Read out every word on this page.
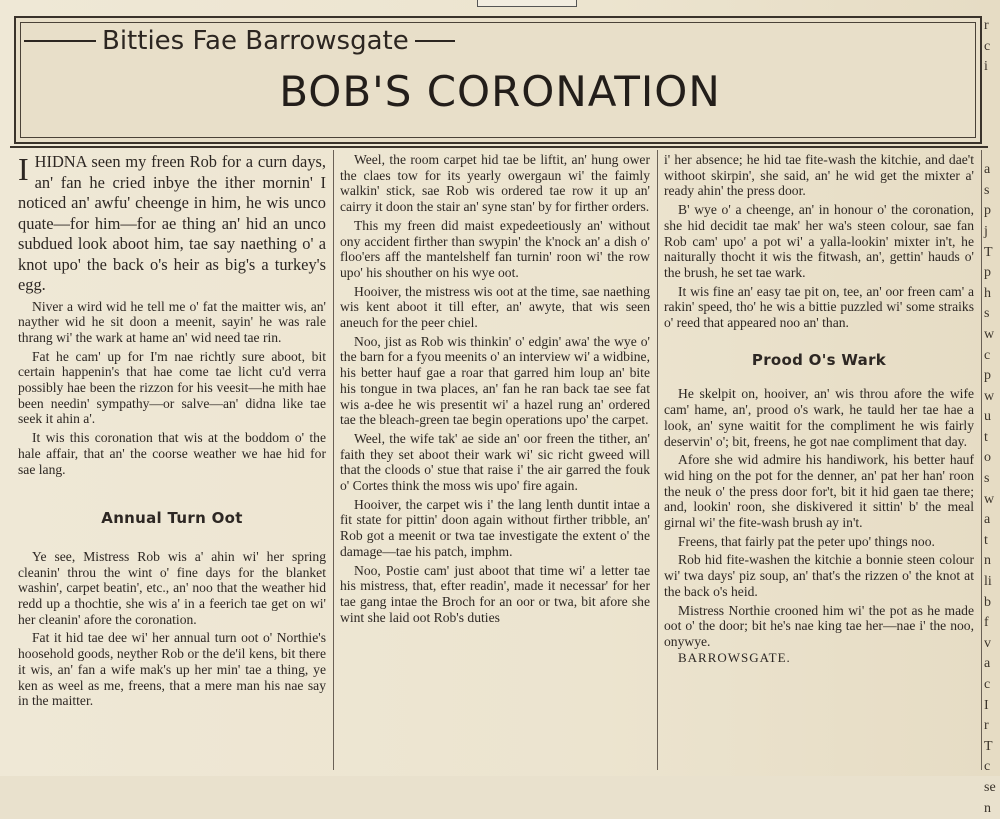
Bitties Fae Barrowsgate
BOB'S CORONATION

IHIDNA seen my freen Rob for a curn days, an' fan he cried inbye the ither mornin' I noticed an' awfu' cheenge in him, he wis unco quate—for him—for ae thing an' hid an unco subdued look aboot him, tae say naething o' a knot upo' the back o's heir as big's a turkey's egg.

Niver a wird wid he tell me o' fat the maitter wis, an' nayther wid he sit doon a meenit, sayin' he was rale thrang wi' the wark at hame an' wid need tae rin.

Fat he cam' up for I'm nae richtly sure aboot, bit certain happenin's that hae come tae licht cu'd verra possibly hae been the rizzon for his veesit—he mith hae been needin' sympathy—or salve—an' didna like tae seek it ahin a'.

It wis this coronation that wis at the boddom o' the hale affair, that an' the coorse weather we hae hid for sae lang.

Annual Turn Oot

Ye see, Mistress Rob wis a' ahin wi' her spring cleanin' throu the wint o' fine days for the blanket washin', carpet beatin', etc., an' noo that the weather hid redd up a thochtie, she wis a' in a feerich tae get on wi' her cleanin' afore the coronation.

Fat it hid tae dee wi' her annual turn oot o' Northie's hoosehold goods, neyther Rob or the de'il kens, bit there it wis, an' fan a wife mak's up her min' tae a thing, ye ken as weel as me, freens, that a mere man his nae say in the maitter.

Weel, the room carpet hid tae be liftit, an' hung ower the claes tow for its yearly owergaun wi' the faimly walkin' stick, sae Rob wis ordered tae row it up an' cairry it doon the stair an' syne stan' by for firther orders.

This my freen did maist expedeetiously an' without ony accident firther than swypin' the k'nock an' a dish o' floo'ers aff the mantelshelf fan turnin' roon wi' the row upo' his shouther on his wye oot.

Hooiver, the mistress wis oot at the time, sae naething wis kent aboot it till efter, an' awyte, that wis seen aneuch for the peer chiel.

Noo, jist as Rob wis thinkin' o' edgin' awa' the wye o' the barn for a fyou meenits o' an interview wi' a widbine, his better hauf gae a roar that garred him loup an' bite his tongue in twa places, an' fan he ran back tae see fat wis a-dee he wis presentit wi' a hazel rung an' ordered tae the bleach-green tae begin operations upo' the carpet.

Weel, the wife tak' ae side an' oor freen the tither, an' faith they set aboot their wark wi' sic richt gweed will that the cloods o' stue that raise i' the air garred the fouk o' Cortes think the moss wis upo' fire again.

Hooiver, the carpet wis i' the lang lenth duntit intae a fit state for pittin' doon again without firther tribble, an' Rob got a meenit or twa tae investigate the extent o' the damage—tae his patch, imphm.

Noo, Postie cam' just aboot that time wi' a letter tae his mistress, that, efter readin', made it necessar' for her tae gang intae the Broch for an oor or twa, bit afore she wint she laid oot Rob's duties

i' her absence; he hid tae fite-wash the kitchie, and dae't withoot skirpin', she said, an' he wid get the mixter a' ready ahin' the press door.

B' wye o' a cheenge, an' in honour o' the coronation, she hid decidit tae mak' her wa's steen colour, sae fan Rob cam' upo' a pot wi' a yalla-lookin' mixter in't, he naiturally thocht it wis the fitwash, an', gettin' hauds o' the brush, he set tae wark.

It wis fine an' easy tae pit on, tee, an' oor freen cam' a rakin' speed, tho' he wis a bittie puzzled wi' some straiks o' reed that appeared noo an' than.

Prood O's Wark

He skelpit on, hooiver, an' wis throu afore the wife cam' hame, an', prood o's wark, he tauld her tae hae a look, an' syne waitit for the compliment he wis fairly deservin' o'; bit, freens, he got nae compliment that day.

Afore she wid admire his handiwork, his better hauf wid hing on the pot for the denner, an' pat her han' roon the neuk o' the press door for't, bit it hid gaen tae there; and, lookin' roon, she diskivered it sittin' b' the meal girnal wi' the fite-wash brush ay in't.

Freens, that fairly pat the peter upo' things noo.

Rob hid fite-washen the kitchie a bonnie steen colour wi' twa days' piz soup, an' that's the rizzen o' the knot at the back o's heid.

Mistress Northie crooned him wi' the pot as he made oot o' the door; bit he's nae king tae her—nae i' the noo, onywye.

BARROWSGATE.

r
c
i

a
s
p
j
T
p
h
s
w
c
p
w
u
t
o
s
w
a
t
n
li
b
f
v
a
c
I
r
T
c
se
n
